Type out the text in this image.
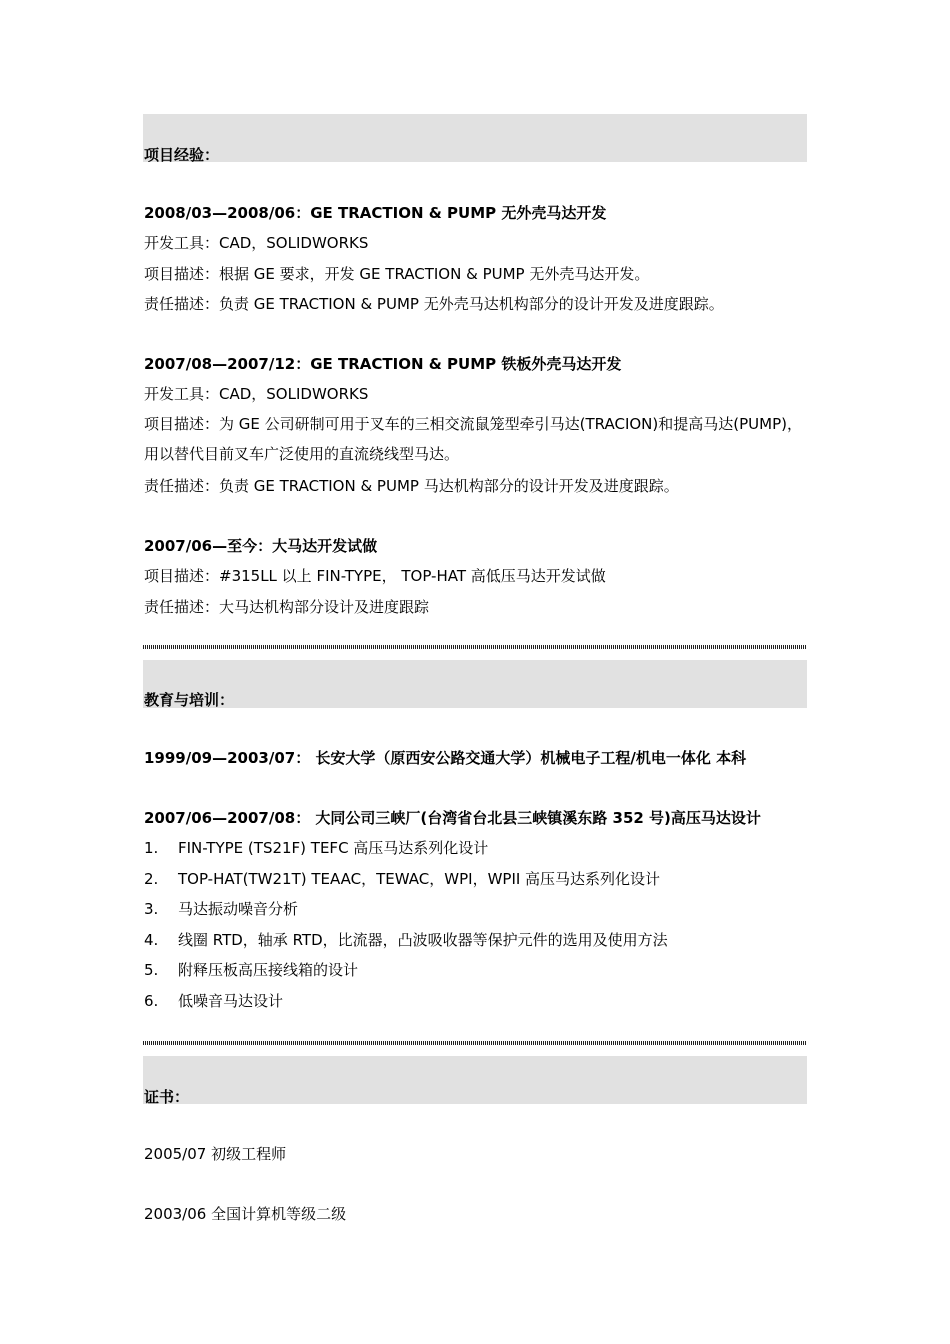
项目经验：
2008/03—2008/06：GE TRACTION & PUMP 无外壳马达开发
开发工具：CAD，SOLIDWORKS
项目描述：根据 GE 要求，开发 GE TRACTION & PUMP 无外壳马达开发。
责任描述：负责 GE TRACTION & PUMP 无外壳马达机构部分的设计开发及进度跟踪。
2007/08—2007/12：GE TRACTION & PUMP 铁板外壳马达开发
开发工具：CAD，SOLIDWORKS
项目描述：为 GE 公司研制可用于叉车的三相交流鼠笼型牵引马达(TRACION)和提高马达(PUMP)，用以替代目前叉车广泛使用的直流绕线型马达。
责任描述：负责 GE TRACTION & PUMP 马达机构部分的设计开发及进度跟踪。
2007/06—至今：大马达开发试做
项目描述：#315LL 以上 FIN-TYPE， TOP-HAT 高低压马达开发试做
责任描述：大马达机构部分设计及进度跟踪
教育与培训：
1999/09—2003/07： 长安大学（原西安公路交通大学）机械电子工程/机电一体化 本科
2007/06—2007/08： 大同公司三峡厂(台湾省台北县三峡镇溪东路 352 号)高压马达设计
1. FIN-TYPE (TS21F) TEFC 高压马达系列化设计
2. TOP-HAT(TW21T) TEAAC，TEWAC，WPI，WPII 高压马达系列化设计
3. 马达振动噪音分析
4. 线圈 RTD，轴承 RTD，比流器，凸波吸收器等保护元件的选用及使用方法
5. 附释压板高压接线箱的设计
6. 低噪音马达设计
证书：
2005/07 初级工程师
2003/06 全国计算机等级二级
